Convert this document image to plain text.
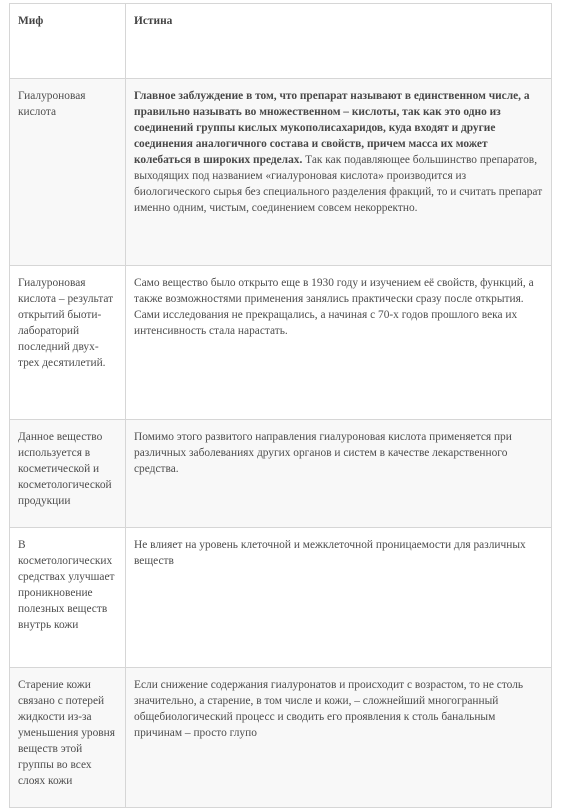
Миф	Истина
Гиалуроновая кислота	Главное заблуждение в том, что препарат называют в единственном числе, а правильно называть во множественном – кислоты, так как это одно из соединений группы кислых мукополисахаридов, куда входят и другие соединения аналогичного состава и свойств, причем масса их может колебаться в широких пределах. Так как подавляющее большинство препаратов, выходящих под названием «гиалуроновая кислота» производится из биологического сырья без специального разделения фракций, то и считать препарат именно одним, чистым, соединением совсем некорректно.
Гиалуроновая кислота – результат открытий быоти-лабораторий последний двух-трех десятилетий.	Само вещество было открыто еще в 1930 году и изучением её свойств, функций, а также возможностями применения занялись практически сразу после открытия. Сами исследования не прекращались, а начиная с 70-х годов прошлого века их интенсивность стала нарастать.
Данное вещество используется в косметической и косметологической продукции	Помимо этого развитого направления гиалуроновая кислота применяется при различных заболеваниях других органов и систем в качестве лекарственного средства.
В косметологических средствах улучшает проникновение полезных веществ внутрь кожи	Не влияет на уровень клеточной и межклеточной проницаемости для различных веществ
Старение кожи связано с потерей жидкости из-за уменьшения уровня веществ этой группы во всех слоях кожи	Если снижение содержания гиалуронатов и происходит с возрастом, то не столь значительно, а старение, в том числе и кожи, – сложнейший многогранный общебиологический процесс и сводить его проявления к столь банальным причинам – просто глупо
